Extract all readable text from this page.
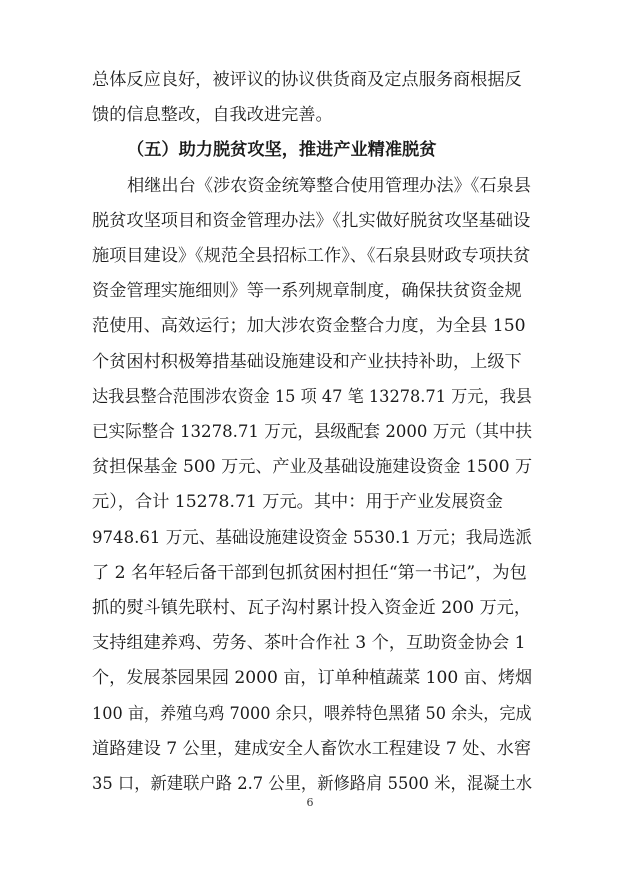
总体反应良好，被评议的协议供货商及定点服务商根据反
馈的信息整改，自我改进完善。
（五）助力脱贫攻坚，推进产业精准脱贫
相继出台《涉农资金统筹整合使用管理办法》《石泉县
脱贫攻坚项目和资金管理办法》《扎实做好脱贫攻坚基础设
施项目建设》《规范全县招标工作》、《石泉县财政专项扶贫
资金管理实施细则》等一系列规章制度，确保扶贫资金规
范使用、高效运行；加大涉农资金整合力度，为全县 150
个贫困村积极筹措基础设施建设和产业扶持补助，上级下
达我县整合范围涉农资金 15 项 47 笔 13278.71 万元，我县
已实际整合 13278.71 万元，县级配套 2000 万元（其中扶
贫担保基金 500 万元、产业及基础设施建设资金 1500 万
元），合计 15278.71 万元。其中：用于产业发展资金
9748.61 万元、基础设施建设资金 5530.1 万元；我局选派
了 2 名年轻后备干部到包抓贫困村担任“第一书记”，为包
抓的熨斗镇先联村、瓦子沟村累计投入资金近 200 万元，
支持组建养鸡、劳务、茶叶合作社 3 个，互助资金协会 1
个，发展茶园果园 2000 亩，订单种植蔬菜 100 亩、烤烟
100 亩，养殖乌鸡 7000 余只，喂养特色黑猪 50 余头，完成
道路建设 7 公里，建成安全人畜饮水工程建设 7 处、水窖
35 口，新建联户路 2.7 公里，新修路肩 5500 米，混凝土水
6
